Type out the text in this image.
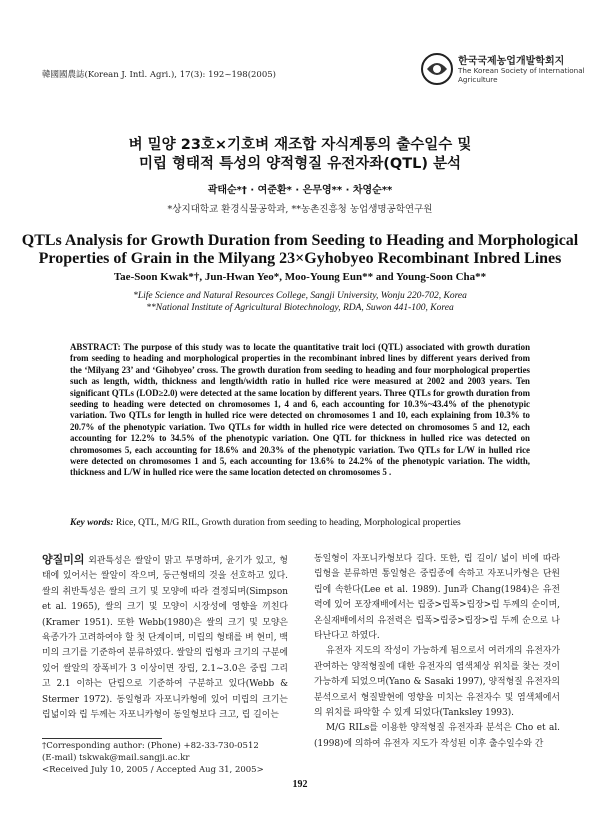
韓國國農誌(Korean J. Intl. Agri.), 17(3): 192~198(2005)
한국국제농업개발학회지
The Korean Society of International
Agriculture
벼 밀양 23호×기호벼 재조합 자식계통의 출수일수 및
미립 형태적 특성의 양적형질 유전자좌(QTL) 분석
곽태순*† · 여준환* · 은무영** · 차영순**
*상지대학교 환경식물공학과, **농촌진흥청 농업생명공학연구원
QTLs Analysis for Growth Duration from Seeding to Heading and Morphological
Properties of Grain in the Milyang 23×Gyhobyeo Recombinant Inbred Lines
Tae-Soon Kwak*†, Jun-Hwan Yeo*, Moo-Young Eun** and Young-Soon Cha**
*Life Science and Natural Resources College, Sangji University, Wonju 220-702, Korea
**National Institute of Agricultural Biotechnology, RDA, Suwon 441-100, Korea
ABSTRACT: The purpose of this study was to locate the quantitative trait loci (QTL) associated with growth duration from seeding to heading and morphological properties in the recombinant inbred lines by different years derived from the ‘Milyang 23’ and ‘Gihobyeo’ cross. The growth duration from seeding to heading and four morphological properties such as length, width, thickness and length/width ratio in hulled rice were measured at 2002 and 2003 years. Ten significant QTLs (LOD≥2.0) were detected at the same location by different years. Three QTLs for growth duration from seeding to heading were detected on chromosomes 1, 4 and 6, each accounting for 10.3%~43.4% of the phenotypic variation. Two QTLs for length in hulled rice were detected on chromosomes 1 and 10, each explaining from 10.3% to 20.7% of the phenotypic variation. Two QTLs for width in hulled rice were detected on chromosomes 5 and 12, each accounting for 12.2% to 34.5% of the phenotypic variation. One QTL for thickness in hulled rice was detected on chromosomes 5, each accounting for 18.6% and 20.3% of the phenotypic variation. Two QTLs for L/W in hulled rice were detected on chromosomes 1 and 5, each accounting for 13.6% to 24.2% of the phenotypic variation. The width, thickness and L/W in hulled rice were the same location detected on chromosomes 5 .
Key words: Rice, QTL, M/G RIL, Growth duration from seeding to heading, Morphological properties

양질미의 외관특성은 쌀알이 맑고 투명하며, 윤기가 있고, 형태에 있어서는 쌀알이 작으며, 둥근형태의 것을 선호하고 있다. 쌀의 취반특성은 쌀의 크기 및 모양에 따라 결정되며(Simpson et al. 1965), 쌀의 크기 및 모양이 시장성에 영향을 끼친다(Kramer 1951). 또한 Webb(1980)은 쌀의 크기 및 모양은 육종가가 고려하여야 할 첫 단계이며, 미립의 형태를 벼 현미, 백미의 크기를 기준하여 분류하였다. 쌀알의 립형과 크기의 구분에 있어 쌀알의 장폭비가 3 이상이면 장립, 2.1~3.0은 중립 그리고 2.1 이하는 단립으로 기준하여 구분하고 있다(Webb & Stermer 1972). 동일형과 자포니카형에 있어 미립의 크기는 립넓이와 립 두께는 자포니카형이 동일형보다 크고, 립 길이는

동일형이 자포니카형보다 길다. 또한, 립 길이/ 넓이 비에 따라 립형을 분류하면 통일형은 중립종에 속하고 자포니카형은 단원립에 속한다(Lee et al. 1989). Jun과 Chang(1984)은 유전력에 있어 포장재배에서는 립중>립폭>립장>립 두께의 순이며, 온실재배에서의 유전력은 립폭>립중>립장>립 두께 순으로 나타난다고 하였다.

유전자 지도의 작성이 가능하게 됨으로서 여러개의 유전자가 관여하는 양적형질에 대한 유전자의 염색체상 위치를 찾는 것이 가능하게 되었으며(Yano & Sasaki 1997), 양적형질 유전자의 분석으로서 형질발현에 영향을 미치는 유전자수 및 염색체에서의 위치를 파악할 수 있게 되었다(Tanksley 1993).

M/G RILs를 이용한 양적형질 유전자좌 분석은 Cho et al.(1998)에 의하여 유전자 지도가 작성된 이후 출수일수와 간

†Corresponding author: (Phone) +82-33-730-0512
(E-mail) tskwak@mail.sangji.ac.kr
<Received July 10, 2005 / Accepted Aug 31, 2005>
192
